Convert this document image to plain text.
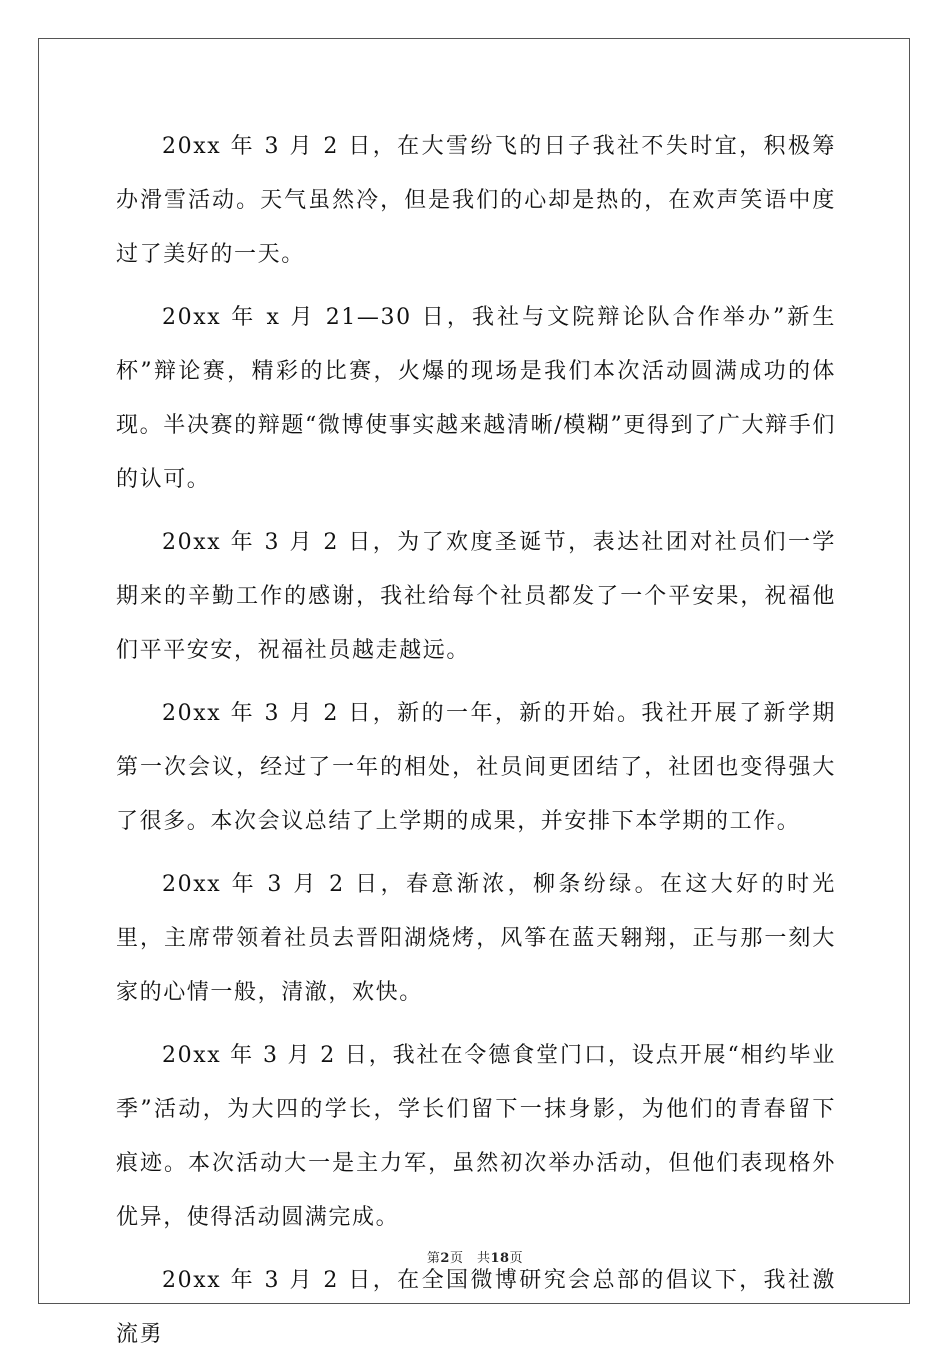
20xx 年 3 月 2 日，在大雪纷飞的日子我社不失时宜，积极筹办滑雪活动。天气虽然冷，但是我们的心却是热的，在欢声笑语中度过了美好的一天。

20xx 年 x 月 21—30 日，我社与文院辩论队合作举办”新生杯”辩论赛，精彩的比赛，火爆的现场是我们本次活动圆满成功的体现。半决赛的辩题“微博使事实越来越清晰/模糊”更得到了广大辩手们的认可。

20xx 年 3 月 2 日，为了欢度圣诞节，表达社团对社员们一学期来的辛勤工作的感谢，我社给每个社员都发了一个平安果，祝福他们平平安安，祝福社员越走越远。

20xx 年 3 月 2 日，新的一年，新的开始。我社开展了新学期第一次会议，经过了一年的相处，社员间更团结了，社团也变得强大了很多。本次会议总结了上学期的成果，并安排下本学期的工作。

20xx 年 3 月 2 日，春意渐浓，柳条纷绿。在这大好的时光里，主席带领着社员去晋阳湖烧烤，风筝在蓝天翱翔，正与那一刻大家的心情一般，清澈，欢快。

20xx 年 3 月 2 日，我社在令德食堂门口，设点开展“相约毕业季”活动，为大四的学长，学长们留下一抹身影，为他们的青春留下痕迹。本次活动大一是主力军，虽然初次举办活动，但他们表现格外优异，使得活动圆满完成。

20xx 年 3 月 2 日，在全国微博研究会总部的倡议下，我社激流勇

第2页　共18页
